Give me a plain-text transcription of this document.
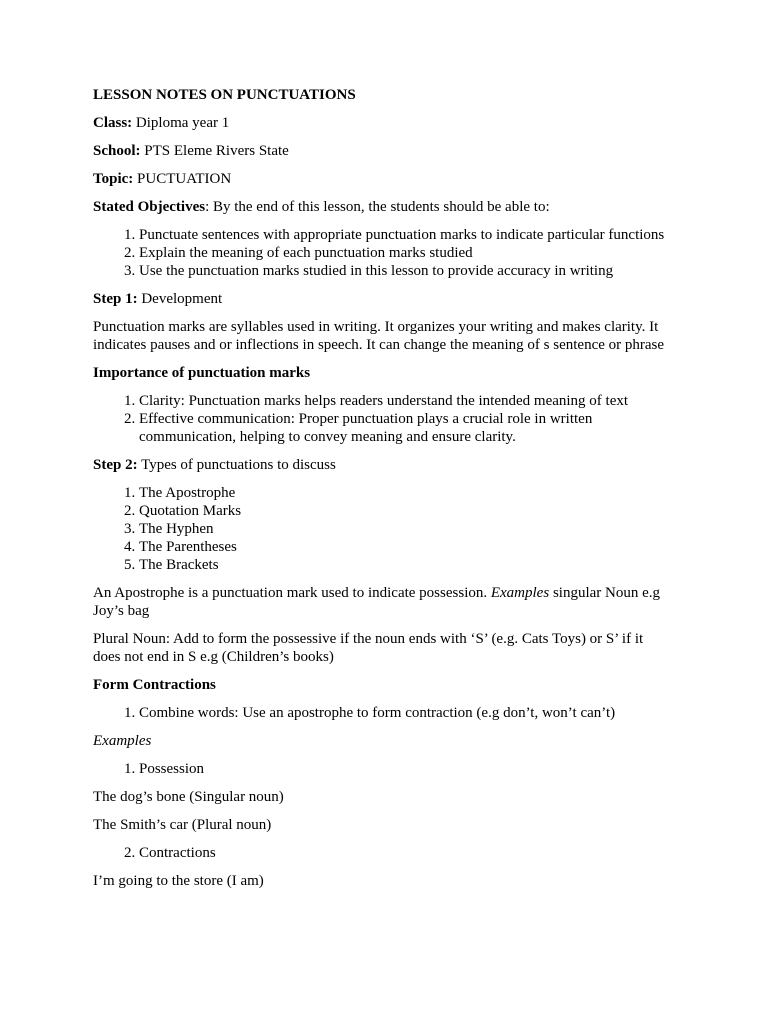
LESSON NOTES ON PUNCTUATIONS

Class: Diploma year 1

School: PTS Eleme Rivers State

Topic: PUCTUATION

Stated Objectives: By the end of this lesson, the students should be able to:

1. Punctuate sentences with appropriate punctuation marks to indicate particular functions
2. Explain the meaning of each punctuation marks studied
3. Use the punctuation marks studied in this lesson to provide accuracy in writing

Step 1: Development

Punctuation marks are syllables used in writing. It organizes your writing and makes clarity. It indicates pauses and or inflections in speech. It can change the meaning of s sentence or phrase

Importance of punctuation marks

1. Clarity: Punctuation marks helps readers understand the intended meaning of text
2. Effective communication: Proper punctuation plays a crucial role in written communication, helping to convey meaning and ensure clarity.

Step 2: Types of punctuations to discuss

1. The Apostrophe
2. Quotation Marks
3. The Hyphen
4. The Parentheses
5. The Brackets

An Apostrophe is a punctuation mark used to indicate possession. Examples singular Noun e.g Joy’s bag

Plural Noun: Add to form the possessive if the noun ends with ‘S’ (e.g. Cats Toys) or S’ if it does not end in S e.g (Children’s books)

Form Contractions

1. Combine words: Use an apostrophe to form contraction (e.g don’t, won’t can’t)

Examples

1. Possession

The dog’s bone (Singular noun)

The Smith’s car (Plural noun)

2. Contractions

I’m going to the store (I am)
